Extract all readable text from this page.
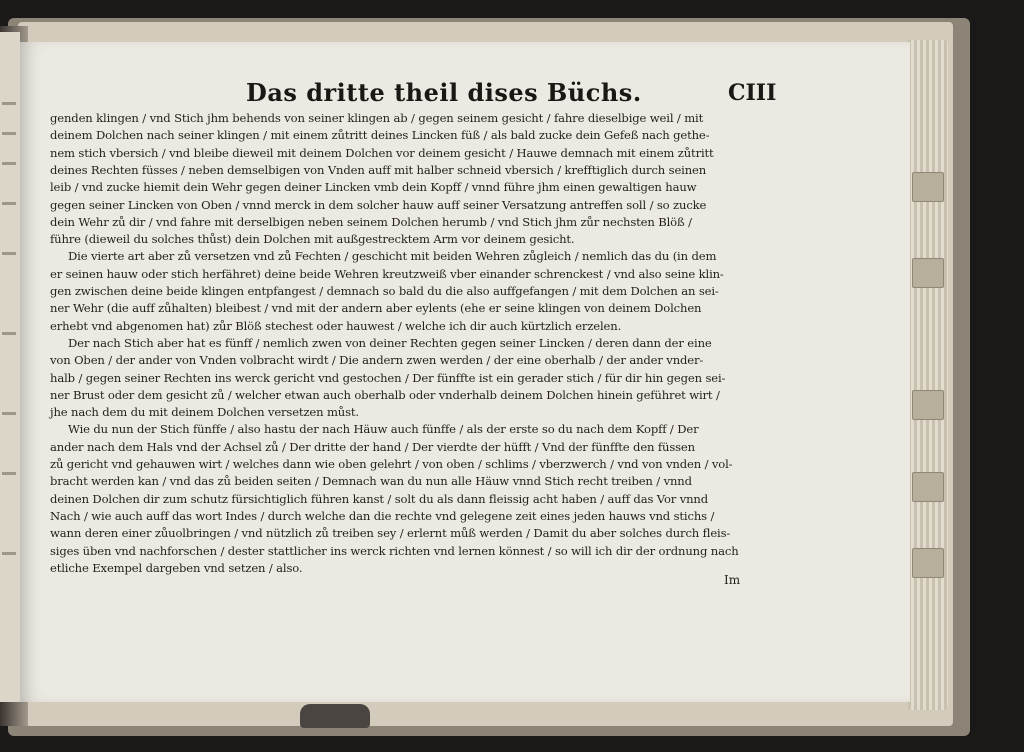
Das dritte theil dises Büchs.	CIII
genden klingen / vnd Stich jhm behends von seiner klingen ab / gegen seinem gesicht / fahre dieselbige weil / mit
deinem Dolchen nach seiner klingen / mit einem zůtritt deines Lincken füß / als bald zucke dein Gefeß nach gethe-
nem stich vbersich / vnd bleibe dieweil mit deinem Dolchen vor deinem gesicht / Hauwe demnach mit einem zůtritt
deines Rechten füsses / neben demselbigen von Vnden auff mit halber schneid vbersich / krefftiglich durch seinen
leib / vnd zucke hiemit dein Wehr gegen deiner Lincken vmb dein Kopff / vnnd führe jhm einen gewaltigen hauw
gegen seiner Lincken von Oben / vnnd merck in dem solcher hauw auff seiner Versatzung antreffen soll / so zucke
dein Wehr zů dir / vnd fahre mit derselbigen neben seinem Dolchen herumb / vnd Stich jhm zůr nechsten Blöß /
führe (dieweil du solches thůst) dein Dolchen mit außgestrecktem Arm vor deinem gesicht.
Die vierte art aber zů versetzen vnd zů Fechten / geschicht mit beiden Wehren zůgleich / nemlich das du (in dem
er seinen hauw oder stich herfähret) deine beide Wehren kreutzweiß vber einander schrenckest / vnd also seine klin-
gen zwischen deine beide klingen entpfangest / demnach so bald du die also auffgefangen / mit dem Dolchen an sei-
ner Wehr (die auff zůhalten) bleibest / vnd mit der andern aber eylents (ehe er seine klingen von deinem Dolchen
erhebt vnd abgenomen hat) zůr Blöß stechest oder hauwest / welche ich dir auch kürtzlich erzelen.
Der nach Stich aber hat es fünff / nemlich zwen von deiner Rechten gegen seiner Lincken / deren dann der eine
von Oben / der ander von Vnden volbracht wirdt / Die andern zwen werden / der eine oberhalb / der ander vnder-
halb / gegen seiner Rechten ins werck gericht vnd gestochen / Der fünffte ist ein gerader stich / für dir hin gegen sei-
ner Brust oder dem gesicht zů / welcher etwan auch oberhalb oder vnderhalb deinem Dolchen hinein geführet wirt /
jhe nach dem du mit deinem Dolchen versetzen můst.
Wie du nun der Stich fünffe / also hastu der nach Häuw auch fünffe / als der erste so du nach dem Kopff / Der
ander nach dem Hals vnd der Achsel zů / Der dritte der hand / Der vierdte der hüfft / Vnd der fünffte den füssen
zů gericht vnd gehauwen wirt / welches dann wie oben gelehrt / von oben / schlims / vberzwerch / vnd von vnden / vol-
bracht werden kan / vnd das zů beiden seiten / Demnach wan du nun alle Häuw vnnd Stich recht treiben / vnnd
deinen Dolchen dir zum schutz fürsichtiglich führen kanst / solt du als dann fleissig acht haben / auff das Vor vnnd
Nach / wie auch auff das wort Indes / durch welche dan die rechte vnd gelegene zeit eines jeden hauws vnd stichs /
wann deren einer zůuolbringen / vnd nützlich zů treiben sey / erlernt můß werden / Damit du aber solches durch fleis-
siges üben vnd nachforschen / dester stattlicher ins werck richten vnd lernen könnest / so will ich dir der ordnung nach
etliche Exempel dargeben vnd setzen / also.
Im
